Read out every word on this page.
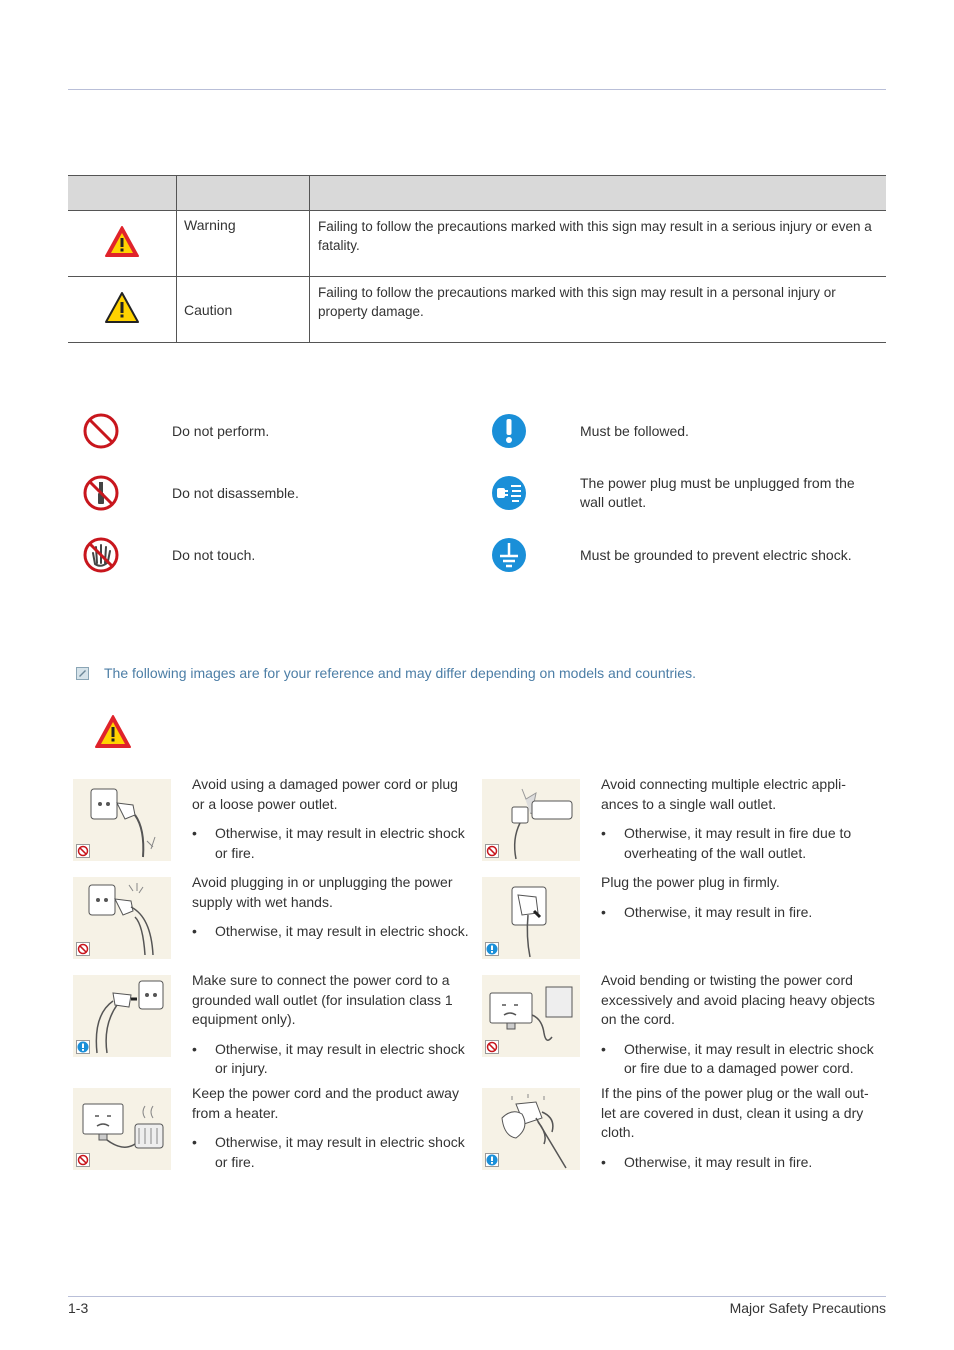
	Warning	Failing to follow the precautions marked with this sign may result in a serious injury or even a fatality.
	Caution	Failing to follow the precautions marked with this sign may result in a personal injury or property damage.
Do not perform.
Do not disassemble.
Do not touch.
Must be followed.
The power plug must be unplugged from the wall outlet.
Must be grounded to prevent electric shock.
The following images are for your reference and may differ depending on models and countries.

Avoid using a damaged power cord or plug or a loose power outlet.

•	Otherwise, it may result in electric shock or fire.

Avoid plugging in or unplugging the power supply with wet hands.

•	Otherwise, it may result in electric shock.

Make sure to connect the power cord to a grounded wall outlet (for insulation class 1 equipment only).

•	Otherwise, it may result in electric shock or injury.

Keep the power cord and the product away from a heater.

•	Otherwise, it may result in electric shock or fire.

Avoid connecting multiple electric appli-ances to a single wall outlet.

•	Otherwise, it may result in fire due to overheating of the wall outlet.

Plug the power plug in firmly.

•	Otherwise, it may result in fire.

Avoid bending or twisting the power cord excessively and avoid placing heavy objects on the cord.

•	Otherwise, it may result in electric shock or fire due to a damaged power cord.

If the pins of the power plug or the wall out-let are covered in dust, clean it using a dry cloth.

•	Otherwise, it may result in fire.

1-3	Major Safety Precautions
